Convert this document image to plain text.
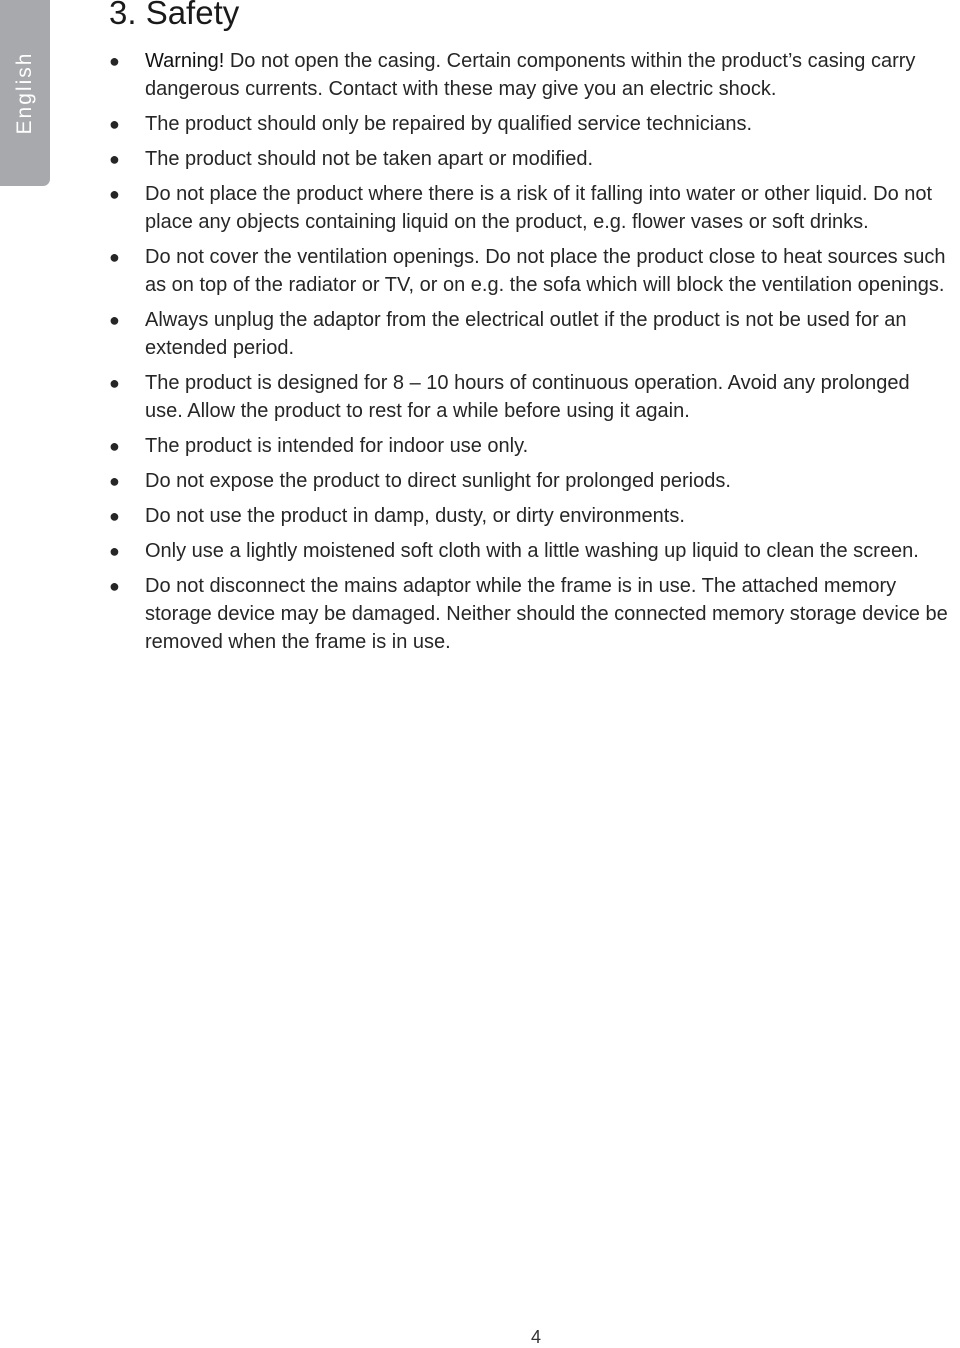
English
3. Safety
● Warning! Do not open the casing. Certain components within the product’s casing carry dangerous currents. Contact with these may give you an electric shock.
● The product should only be repaired by qualified service technicians.
● The product should not be taken apart or modified.
● Do not place the product where there is a risk of it falling into water or other liquid. Do not place any objects containing liquid on the product, e.g. flower vases or soft drinks.
● Do not cover the ventilation openings. Do not place the product close to heat sources such as on top of the radiator or TV, or on e.g. the sofa which will block the ventilation openings.
● Always unplug the adaptor from the electrical outlet if the product is not be used for an extended period.
● The product is designed for 8 – 10 hours of continuous operation. Avoid any prolonged use. Allow the product to rest for a while before using it again.
● The product is intended for indoor use only.
● Do not expose the product to direct sunlight for prolonged periods.
● Do not use the product in damp, dusty, or dirty environments.
● Only use a lightly moistened soft cloth with a little washing up liquid to clean the screen.
● Do not disconnect the mains adaptor while the frame is in use. The attached memory storage device may be damaged. Neither should the connected memory storage device be removed when the frame is in use.
4
